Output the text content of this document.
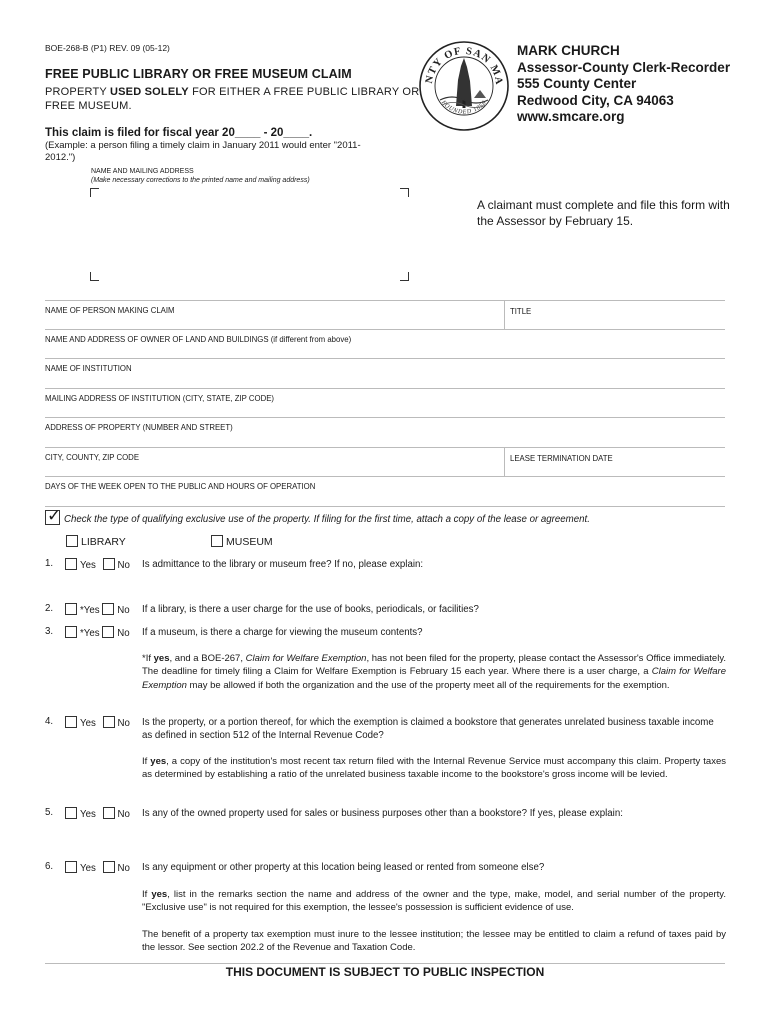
BOE-268-B (P1) REV. 09 (05-12)
FREE PUBLIC LIBRARY OR FREE MUSEUM CLAIM
PROPERTY USED SOLELY FOR EITHER A FREE PUBLIC LIBRARY OR FREE MUSEUM.
This claim is filed for fiscal year 20____ - 20____.
(Example: a person filing a timely claim in January 2011 would enter "2011-2012.")
NAME AND MAILING ADDRESS
(Make necessary corrections to the printed name and mailing address)
NTY OF SAN MA
FOUNDED 1856
MARK CHURCH
Assessor-County Clerk-Recorder
555 County Center
Redwood City, CA 94063
www.smcare.org
A claimant must complete and file this form with the Assessor by February 15.
NAME OF PERSON MAKING CLAIM	TITLE
NAME AND ADDRESS OF OWNER OF LAND AND BUILDINGS (if different from above)
NAME OF INSTITUTION
MAILING ADDRESS OF INSTITUTION (CITY, STATE, ZIP CODE)
ADDRESS OF PROPERTY (NUMBER AND STREET)
CITY, COUNTY, ZIP CODE	LEASE TERMINATION DATE
DAYS OF THE WEEK OPEN TO THE PUBLIC AND HOURS OF OPERATION
✓Check the type of qualifying exclusive use of the property. If filing for the first time, attach a copy of the lease or agreement.
LIBRARY	MUSEUM
1.	Yes No Is admittance to the library or museum free? If no, please explain:
2.	*Yes No If a library, is there a user charge for the use of books, periodicals, or facilities?
3.	*Yes No If a museum, is there a charge for viewing the museum contents?
*If yes, and a BOE-267, Claim for Welfare Exemption, has not been filed for the property, please contact the Assessor's Office immediately. The deadline for timely filing a Claim for Welfare Exemption is February 15 each year. Where there is a user charge, a Claim for Welfare Exemption may be allowed if both the organization and the use of the property meet all of the requirements for the exemption.
4.	Yes No Is the property, or a portion thereof, for which the exemption is claimed a bookstore that generates unrelated business taxable income as defined in section 512 of the Internal Revenue Code?
If yes, a copy of the institution's most recent tax return filed with the Internal Revenue Service must accompany this claim. Property taxes as determined by establishing a ratio of the unrelated business taxable income to the bookstore's gross income will be levied.
5.	Yes No Is any of the owned property used for sales or business purposes other than a bookstore? If yes, please explain:
6.	Yes No Is any equipment or other property at this location being leased or rented from someone else?
If yes, list in the remarks section the name and address of the owner and the type, make, model, and serial number of the property. "Exclusive use" is not required for this exemption, the lessee's possession is sufficient evidence of use.
The benefit of a property tax exemption must inure to the lessee institution; the lessee may be entitled to claim a refund of taxes paid by the lessor. See section 202.2 of the Revenue and Taxation Code.
THIS DOCUMENT IS SUBJECT TO PUBLIC INSPECTION
